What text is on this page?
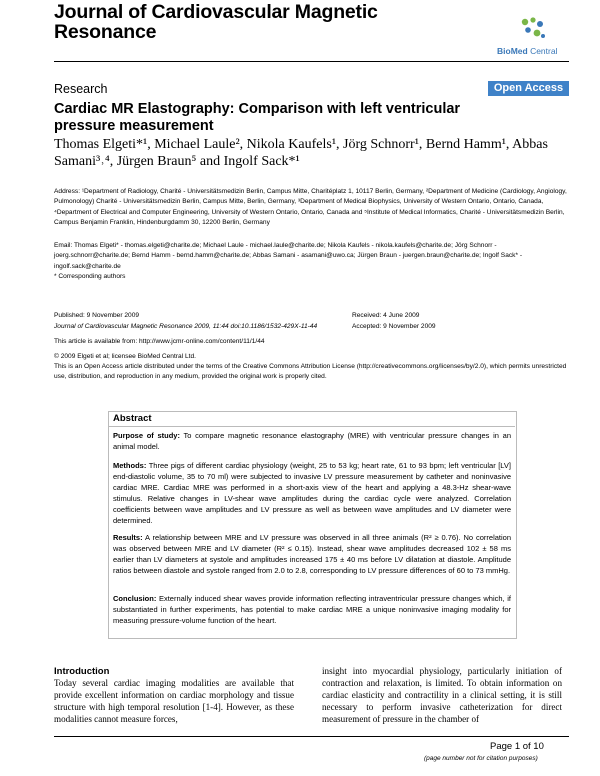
Journal of Cardiovascular Magnetic
Resonance
BioMed Central
Research	Open Access
Cardiac MR Elastography: Comparison with left ventricular pressure measurement
Thomas Elgeti*¹, Michael Laule², Nikola Kaufels¹, Jörg Schnorr¹, Bernd Hamm¹, Abbas Samani³˒⁴, Jürgen Braun⁵ and Ingolf Sack*¹
Address: ¹Department of Radiology, Charité - Universitätsmedizin Berlin, Campus Mitte, Charitéplatz 1, 10117 Berlin, Germany, ²Department of Medicine (Cardiology, Angiology, Pulmonology) Charité - Universitätsmedizin Berlin, Campus Mitte, Berlin, Germany, ³Department of Medical Biophysics, University of Western Ontario, Ontario, Canada, ⁴Department of Electrical and Computer Engineering, University of Western Ontario, Ontario, Canada and ⁵Institute of Medical Informatics, Charité - Universitätsmedizin Berlin, Campus Benjamin Franklin, Hindenburgdamm 30, 12200 Berlin, Germany
Email: Thomas Elgeti* - thomas.elgeti@charite.de; Michael Laule - michael.laule@charite.de; Nikola Kaufels - nikola.kaufels@charite.de; Jörg Schnorr - joerg.schnorr@charite.de; Bernd Hamm - bernd.hamm@charite.de; Abbas Samani - asamani@uwo.ca; Jürgen Braun - juergen.braun@charite.de; Ingolf Sack* - ingolf.sack@charite.de
* Corresponding authors
Published: 9 November 2009
Journal of Cardiovascular Magnetic Resonance 2009, 11:44 doi:10.1186/1532-429X-11-44
Received: 4 June 2009
Accepted: 9 November 2009
This article is available from: http://www.jcmr-online.com/content/11/1/44
© 2009 Elgeti et al; licensee BioMed Central Ltd.
This is an Open Access article distributed under the terms of the Creative Commons Attribution License (http://creativecommons.org/licenses/by/2.0), which permits unrestricted use, distribution, and reproduction in any medium, provided the original work is properly cited.
Abstract
Purpose of study: To compare magnetic resonance elastography (MRE) with ventricular pressure changes in an animal model.
Methods: Three pigs of different cardiac physiology (weight, 25 to 53 kg; heart rate, 61 to 93 bpm; left ventricular [LV] end-diastolic volume, 35 to 70 ml) were subjected to invasive LV pressure measurement by catheter and noninvasive cardiac MRE. Cardiac MRE was performed in a short-axis view of the heart and applying a 48.3-Hz shear-wave stimulus. Relative changes in LV-shear wave amplitudes during the cardiac cycle were analyzed. Correlation coefficients between wave amplitudes and LV pressure as well as between wave amplitudes and LV diameter were determined.
Results: A relationship between MRE and LV pressure was observed in all three animals (R² ≥ 0.76). No correlation was observed between MRE and LV diameter (R² ≤ 0.15). Instead, shear wave amplitudes decreased 102 ± 58 ms earlier than LV diameters at systole and amplitudes increased 175 ± 40 ms before LV dilatation at diastole. Amplitude ratios between diastole and systole ranged from 2.0 to 2.8, corresponding to LV pressure differences of 60 to 73 mmHg.
Conclusion: Externally induced shear waves provide information reflecting intraventricular pressure changes which, if substantiated in further experiments, has potential to make cardiac MRE a unique noninvasive imaging modality for measuring pressure-volume function of the heart.
Introduction
Today several cardiac imaging modalities are available that provide excellent information on cardiac morphology and tissue structure with high temporal resolution [1-4]. However, as these modalities cannot measure forces,
insight into myocardial physiology, particularly initiation of contraction and relaxation, is limited. To obtain information on cardiac elasticity and contractility in a clinical setting, it is still necessary to perform invasive catheterization for direct measurement of pressure in the chamber of
Page 1 of 10
(page number not for citation purposes)
